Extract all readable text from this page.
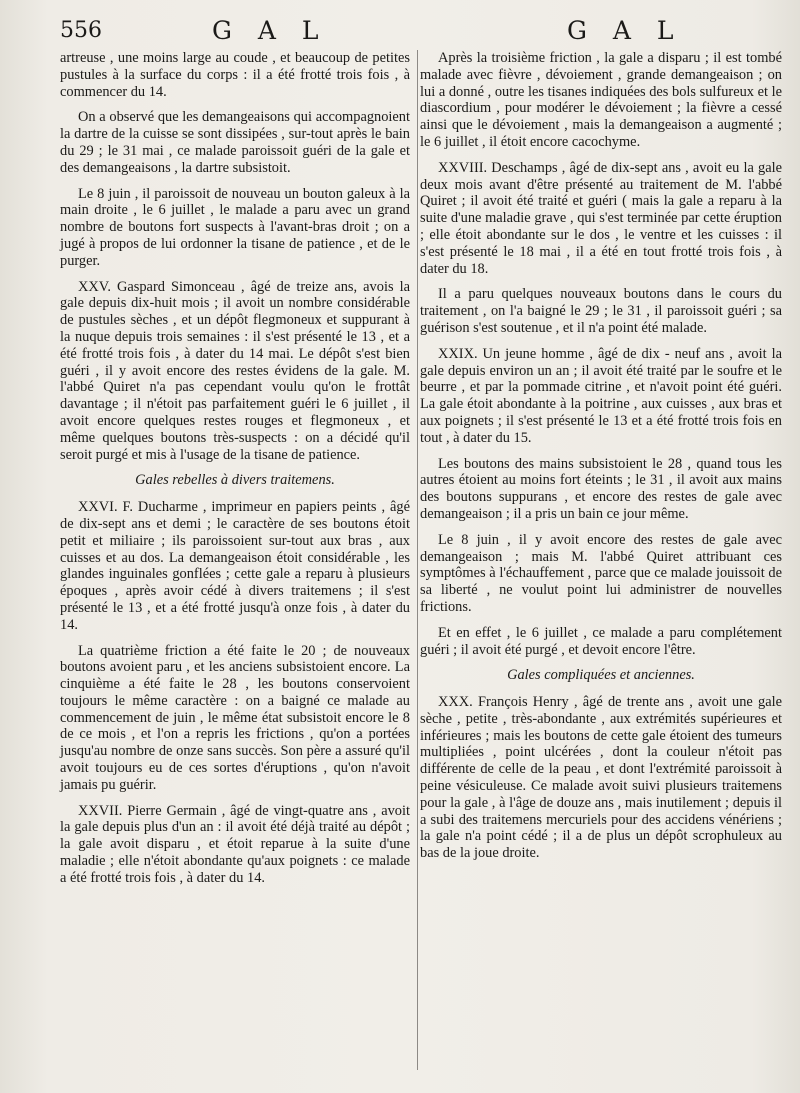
556	G A L	G A L

artreuse , une moins large au coude , et beaucoup de petites pustules à la surface du corps : il a été frotté trois fois , à commencer du 14.

On a observé que les demangeaisons qui accompagnoient la dartre de la cuisse se sont dissipées , sur-tout après le bain du 29 ; le 31 mai , ce malade paroissoit guéri de la gale et des demangeaisons , la dartre subsistoit.

Le 8 juin , il paroissoit de nouveau un bouton galeux à la main droite , le 6 juillet , le malade a paru avec un grand nombre de boutons fort suspects à l'avant-bras droit ; on a jugé à propos de lui ordonner la tisane de patience , et de le purger.

XXV. Gaspard Simonceau , âgé de treize ans, avois la gale depuis dix-huit mois ; il avoit un nombre considérable de pustules sèches , et un dépôt flegmoneux et suppurant à la nuque depuis trois semaines : il s'est présenté le 13 , et a été frotté trois fois , à dater du 14 mai. Le dépôt s'est bien guéri , il y avoit encore des restes évidens de la gale. M. l'abbé Quiret n'a pas cependant voulu qu'on le frottât davantage ; il n'étoit pas parfaitement guéri le 6 juillet , il avoit encore quelques restes rouges et flegmoneux , et même quelques boutons très-suspects : on a décidé qu'il seroit purgé et mis à l'usage de la tisane de patience.

Gales rebelles à divers traitemens.

XXVI. F. Ducharme , imprimeur en papiers peints , âgé de dix-sept ans et demi ; le caractère de ses boutons étoit petit et miliaire ; ils paroissoient sur-tout aux bras , aux cuisses et au dos. La demangeaison étoit considérable , les glandes inguinales gonflées ; cette gale a reparu à plusieurs époques , après avoir cédé à divers traitemens ; il s'est présenté le 13 , et a été frotté jusqu'à onze fois , à dater du 14.

La quatrième friction a été faite le 20 ; de nouveaux boutons avoient paru , et les anciens subsistoient encore. La cinquième a été faite le 28 , les boutons conservoient toujours le même caractère : on a baigné ce malade au commencement de juin , le même état subsistoit encore le 8 de ce mois , et l'on a repris les frictions , qu'on a portées jusqu'au nombre de onze sans succès. Son père a assuré qu'il avoit toujours eu de ces sortes d'éruptions , qu'on n'avoit jamais pu guérir.

XXVII. Pierre Germain , âgé de vingt-quatre ans , avoit la gale depuis plus d'un an : il avoit été déjà traité au dépôt ; la gale avoit disparu , et étoit reparue à la suite d'une maladie ; elle n'étoit abondante qu'aux poignets : ce malade a été frotté trois fois , à dater du 14.

Après la troisième friction , la gale a disparu ; il est tombé malade avec fièvre , dévoiement , grande demangeaison ; on lui a donné , outre les tisanes indiquées des bols sulfureux et le diascordium , pour modérer le dévoiement ; la fièvre a cessé ainsi que le dévoiement , mais la demangeaison a augmenté ; le 6 juillet , il étoit encore cacochyme.

XXVIII. Deschamps , âgé de dix-sept ans , avoit eu la gale deux mois avant d'être présenté au traitement de M. l'abbé Quiret ; il avoit été traité et guéri ( mais la gale a reparu à la suite d'une maladie grave , qui s'est terminée par cette éruption ; elle étoit abondante sur le dos , le ventre et les cuisses : il s'est présenté le 18 mai , il a été en tout frotté trois fois , à dater du 18.

Il a paru quelques nouveaux boutons dans le cours du traitement , on l'a baigné le 29 ; le 31 , il paroissoit guéri ; sa guérison s'est soutenue , et il n'a point été malade.

XXIX. Un jeune homme , âgé de dix - neuf ans , avoit la gale depuis environ un an ; il avoit été traité par le soufre et le beurre , et par la pommade citrine , et n'avoit point été guéri. La gale étoit abondante à la poitrine , aux cuisses , aux bras et aux poignets ; il s'est présenté le 13 et a été frotté trois fois en tout , à dater du 15.

Les boutons des mains subsistoient le 28 , quand tous les autres étoient au moins fort éteints ; le 31 , il avoit aux mains des boutons suppurans , et encore des restes de gale avec demangeaison ; il a pris un bain ce jour même.

Le 8 juin , il y avoit encore des restes de gale avec demangeaison ; mais M. l'abbé Quiret attribuant ces symptômes à l'échauffement , parce que ce malade jouissoit de sa liberté , ne voulut point lui administrer de nouvelles frictions.

Et en effet , le 6 juillet , ce malade a paru complétement guéri ; il avoit été purgé , et devoit encore l'être.

Gales compliquées et anciennes.

XXX. François Henry , âgé de trente ans , avoit une gale sèche , petite , très-abondante , aux extrémités supérieures et inférieures ; mais les boutons de cette gale étoient des tumeurs multipliées , point ulcérées , dont la couleur n'étoit pas différente de celle de la peau , et dont l'extrémité paroissoit à peine vésiculeuse. Ce malade avoit suivi plusieurs traitemens pour la gale , à l'âge de douze ans , mais inutilement ; depuis il a subi des traitemens mercuriels pour des accidens vénériens ; la gale n'a point cédé ; il a de plus un dépôt scrophuleux au bas de la joue droite.
